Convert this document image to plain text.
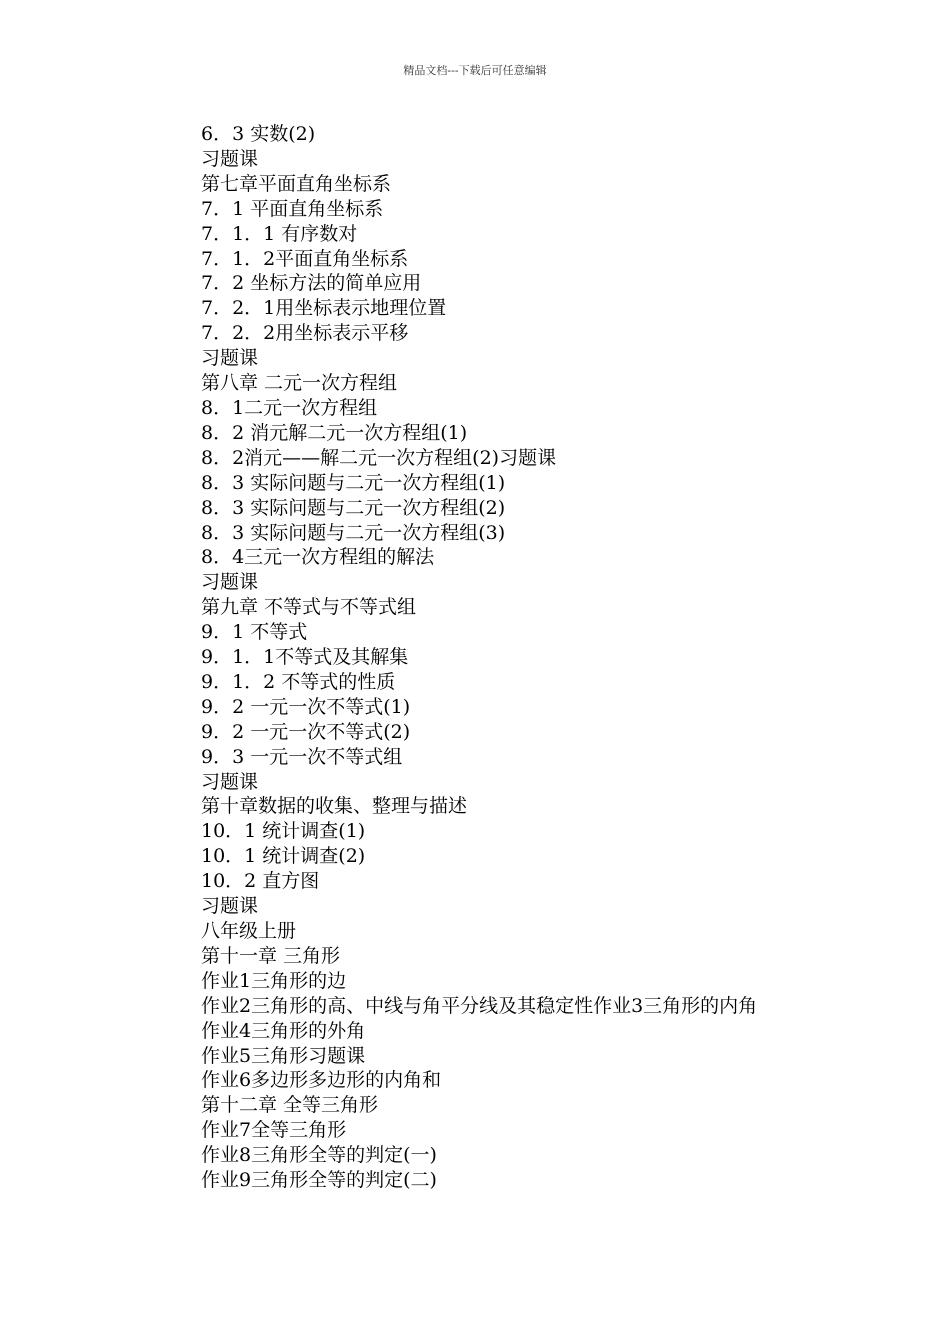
精品文档---下载后可任意编辑
6．3 实数(2)
习题课
第七章平面直角坐标系
7．1 平面直角坐标系
7．1．1 有序数对
7．1．2平面直角坐标系
7．2 坐标方法的简单应用
7．2．1用坐标表示地理位置
7．2．2用坐标表示平移
习题课
第八章 二元一次方程组
8．1二元一次方程组
8．2 消元解二元一次方程组(1)
8．2消元——解二元一次方程组(2)习题课
8．3 实际问题与二元一次方程组(1)
8．3 实际问题与二元一次方程组(2)
8．3 实际问题与二元一次方程组(3)
8．4三元一次方程组的解法
习题课
第九章 不等式与不等式组
9．1 不等式
9．1．1不等式及其解集
9．1．2 不等式的性质
9．2 一元一次不等式(1)
9．2 一元一次不等式(2)
9．3 一元一次不等式组
习题课
第十章数据的收集、整理与描述
10．1 统计调查(1)
10．1 统计调查(2)
10．2 直方图
习题课
八年级上册
第十一章 三角形
作业1三角形的边
作业2三角形的高、中线与角平分线及其稳定性作业3三角形的内角
作业4三角形的外角
作业5三角形习题课
作业6多边形多边形的内角和
第十二章 全等三角形
作业7全等三角形
作业8三角形全等的判定(一)
作业9三角形全等的判定(二)
